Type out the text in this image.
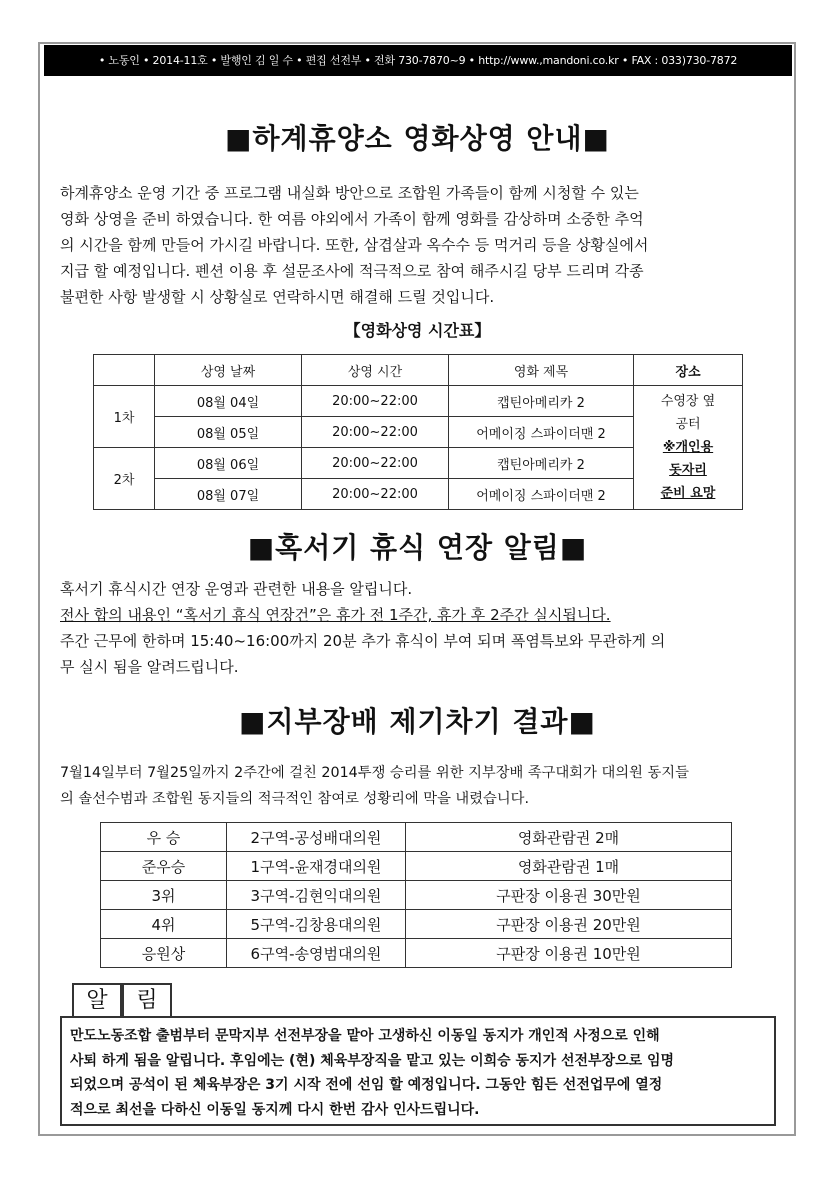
• 노동인 • 2014-11호 • 발행인 김 일 수 • 편집 선전부 • 전화 730-7870~9 • http://www.,mandoni.co.kr • FAX : 033)730-7872
■하계휴양소 영화상영 안내■

하계휴양소 운영 기간 중 프로그램 내실화 방안으로 조합원 가족들이 함께 시청할 수 있는
영화 상영을 준비 하였습니다. 한 여름 야외에서 가족이 함께 영화를 감상하며 소중한 추억
의 시간을 함께 만들어 가시길 바랍니다. 또한, 삼겹살과 옥수수 등 먹거리 등을 상황실에서
지급 할 예정입니다. 펜션 이용 후 설문조사에 적극적으로 참여 해주시길 당부 드리며 각종
불편한 사항 발생할 시 상황실로 연락하시면 해결해 드릴 것입니다.

【영화상영 시간표】
	상영 날짜	상영 시간	영화 제목	장소
1차	08월 04일	20:00~22:00	캡틴아메리카 2	수영장 옆
공터
※개인용
돗자리
준비 요망

	08월 05일	20:00~22:00	어메이징 스파이더맨 2	
2차	08월 06일	20:00~22:00	캡틴아메리카 2	
	08월 07일	20:00~22:00	어메이징 스파이더맨 2	
■혹서기 휴식 연장 알림■

혹서기 휴식시간 연장 운영과 관련한 내용을 알립니다.
전사 합의 내용인 “혹서기 휴식 연장건”은 휴가 전 1주간, 휴가 후 2주간 실시됩니다.
주간 근무에 한하며 15:40~16:00까지 20분 추가 휴식이 부여 되며 폭염특보와 무관하게 의
무 실시 됨을 알려드립니다.

■지부장배 제기차기 결과■

7월14일부터 7월25일까지 2주간에 걸친 2014투쟁 승리를 위한 지부장배 족구대회가 대의원 동지들
의 솔선수범과 조합원 동지들의 적극적인 참여로 성황리에 막을 내렸습니다.

우 승	2구역-공성배대의원	영화관람권 2매
준우승	1구역-윤재경대의원	영화관람권 1매
3위	3구역-김현익대의원	구판장 이용권 30만원
4위	5구역-김창용대의원	구판장 이용권 20만원
응원상	6구역-송영범대의원	구판장 이용권 10만원
알	림
만도노동조합 출범부터 문막지부 선전부장을 맡아 고생하신 이동일 동지가 개인적 사정으로 인해
사퇴 하게 됨을 알립니다. 후임에는 (현) 체육부장직을 맡고 있는 이희승 동지가 선전부장으로 임명
되었으며 공석이 된 체육부장은 3기 시작 전에 선임 할 예정입니다. 그동안 힘든 선전업무에 열정
적으로 최선을 다하신 이동일 동지께 다시 한번 감사 인사드립니다.
